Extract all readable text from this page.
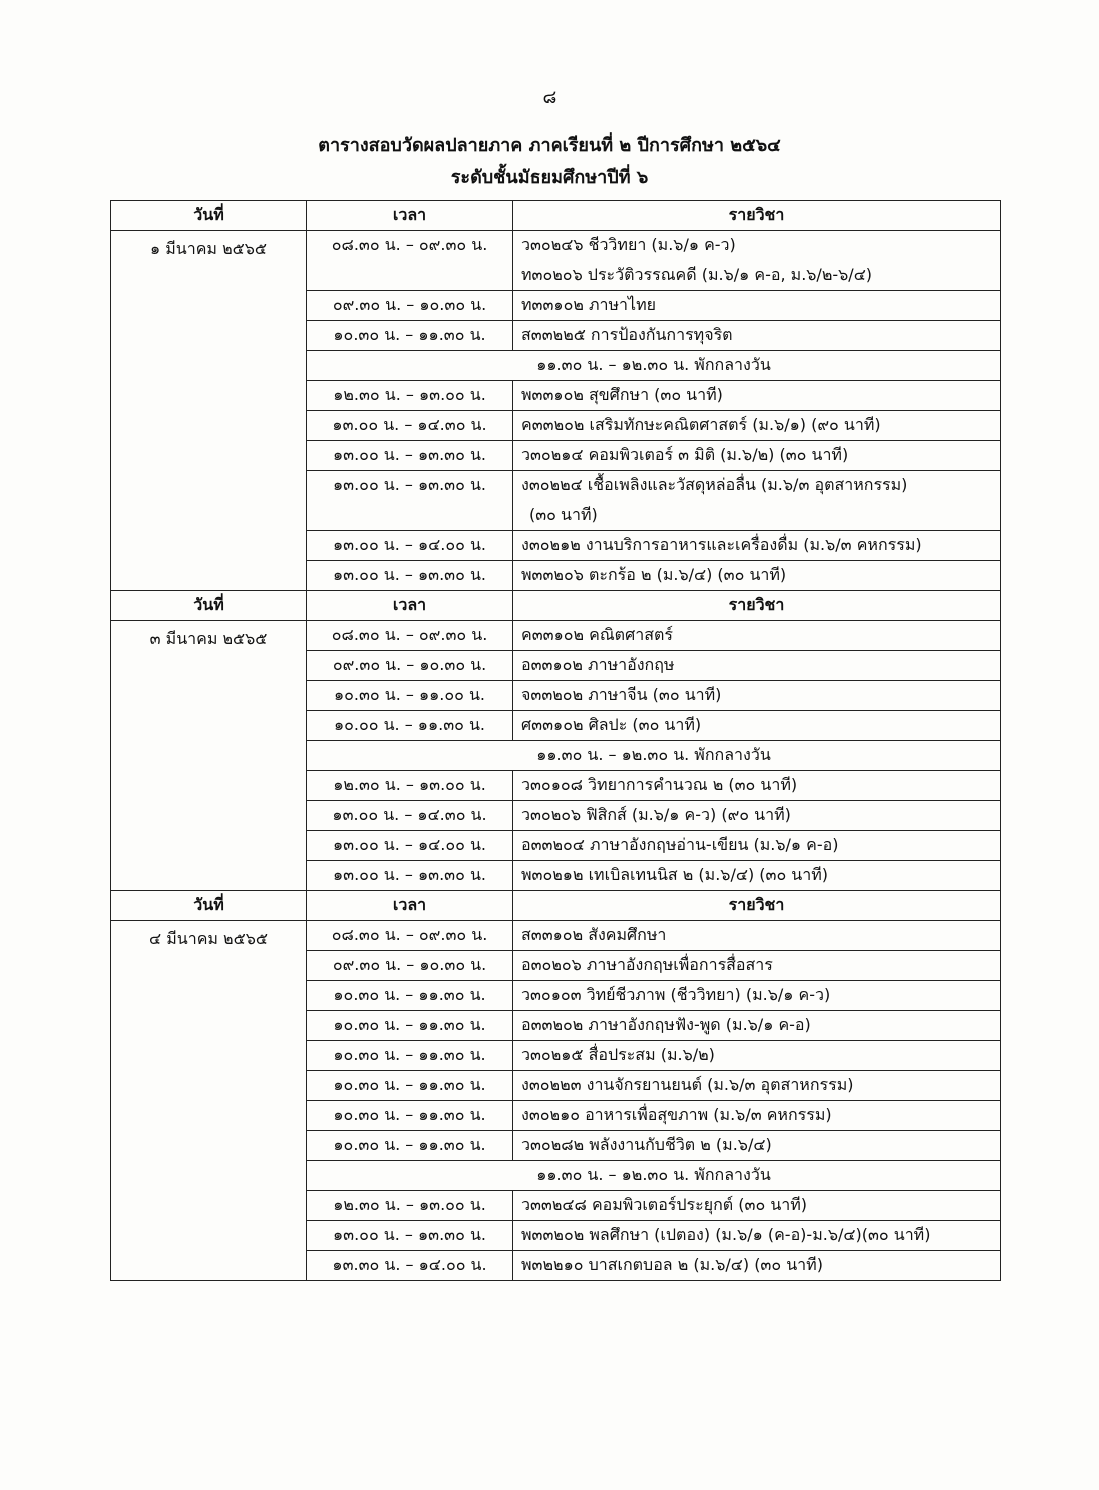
๘
ตารางสอบวัดผลปลายภาค ภาคเรียนที่ ๒ ปีการศึกษา ๒๕๖๔
ระดับชั้นมัธยมศึกษาปีที่ ๖
วันที่	เวลา	รายวิชา
๑ มีนาคม ๒๕๖๕	๐๘.๓๐ น. – ๐๙.๓๐ น.	ว๓๐๒๔๖ ชีววิทยา (ม.๖/๑ ค-ว)
		ท๓๐๒๐๖ ประวัติวรรณคดี (ม.๖/๑ ค-อ, ม.๖/๒-๖/๔)
	๐๙.๓๐ น. – ๑๐.๓๐ น.	ท๓๓๑๐๒ ภาษาไทย
	๑๐.๓๐ น. – ๑๑.๓๐ น.	ส๓๓๒๒๕ การป้องกันการทุจริต
	๑๑.๓๐ น. – ๑๒.๓๐ น. พักกลางวัน	
	๑๒.๓๐ น. – ๑๓.๐๐ น.	พ๓๓๑๐๒ สุขศึกษา (๓๐ นาที)
	๑๓.๐๐ น. – ๑๔.๓๐ น.	ค๓๓๒๐๒ เสริมทักษะคณิตศาสตร์ (ม.๖/๑) (๙๐ นาที)
	๑๓.๐๐ น. – ๑๓.๓๐ น.	ว๓๐๒๑๔ คอมพิวเตอร์ ๓ มิติ (ม.๖/๒) (๓๐ นาที)
	๑๓.๐๐ น. – ๑๓.๓๐ น.	ง๓๐๒๒๔ เชื้อเพลิงและวัสดุหล่อลื่น (ม.๖/๓ อุตสาหกรรม)
		(๓๐ นาที)
	๑๓.๐๐ น. – ๑๔.๐๐ น.	ง๓๐๒๑๒ งานบริการอาหารและเครื่องดื่ม (ม.๖/๓ คหกรรม)
	๑๓.๐๐ น. – ๑๓.๓๐ น.	พ๓๓๒๐๖ ตะกร้อ ๒ (ม.๖/๔) (๓๐ นาที)
วันที่	เวลา	รายวิชา
๓ มีนาคม ๒๕๖๕	๐๘.๓๐ น. – ๐๙.๓๐ น.	ค๓๓๑๐๒ คณิตศาสตร์
	๐๙.๓๐ น. – ๑๐.๓๐ น.	อ๓๓๑๐๒ ภาษาอังกฤษ
	๑๐.๓๐ น. – ๑๑.๐๐ น.	จ๓๓๒๐๒ ภาษาจีน (๓๐ นาที)
	๑๐.๐๐ น. – ๑๑.๓๐ น.	ศ๓๓๑๐๒ ศิลปะ (๓๐ นาที)
	๑๑.๓๐ น. – ๑๒.๓๐ น. พักกลางวัน	
	๑๒.๓๐ น. – ๑๓.๐๐ น.	ว๓๐๑๐๘ วิทยาการคำนวณ ๒ (๓๐ นาที)
	๑๓.๐๐ น. – ๑๔.๓๐ น.	ว๓๐๒๐๖ ฟิสิกส์ (ม.๖/๑ ค-ว) (๙๐ นาที)
	๑๓.๐๐ น. – ๑๔.๐๐ น.	อ๓๓๒๐๔ ภาษาอังกฤษอ่าน-เขียน (ม.๖/๑ ค-อ)
	๑๓.๐๐ น. – ๑๓.๓๐ น.	พ๓๐๒๑๒ เทเบิลเทนนิส ๒ (ม.๖/๔) (๓๐ นาที)
วันที่	เวลา	รายวิชา
๔ มีนาคม ๒๕๖๕	๐๘.๓๐ น. – ๐๙.๓๐ น.	ส๓๓๑๐๒ สังคมศึกษา
	๐๙.๓๐ น. – ๑๐.๓๐ น.	อ๓๐๒๐๖ ภาษาอังกฤษเพื่อการสื่อสาร
	๑๐.๓๐ น. – ๑๑.๓๐ น.	ว๓๐๑๐๓ วิทย์ชีวภาพ (ชีววิทยา) (ม.๖/๑ ค-ว)
	๑๐.๓๐ น. – ๑๑.๓๐ น.	อ๓๓๒๐๒ ภาษาอังกฤษฟัง-พูด (ม.๖/๑ ค-อ)
	๑๐.๓๐ น. – ๑๑.๓๐ น.	ว๓๐๒๑๕ สื่อประสม (ม.๖/๒)
	๑๐.๓๐ น. – ๑๑.๓๐ น.	ง๓๐๒๒๓ งานจักรยานยนต์ (ม.๖/๓ อุตสาหกรรม)
	๑๐.๓๐ น. – ๑๑.๓๐ น.	ง๓๐๒๑๐ อาหารเพื่อสุขภาพ (ม.๖/๓ คหกรรม)
	๑๐.๓๐ น. – ๑๑.๓๐ น.	ว๓๐๒๘๒ พลังงานกับชีวิต ๒ (ม.๖/๔)
	๑๑.๓๐ น. – ๑๒.๓๐ น. พักกลางวัน	
	๑๒.๓๐ น. – ๑๓.๐๐ น.	ว๓๓๒๔๘ คอมพิวเตอร์ประยุกต์ (๓๐ นาที)
	๑๓.๐๐ น. – ๑๓.๓๐ น.	พ๓๓๒๐๒ พลศึกษา (เปตอง) (ม.๖/๑ (ค-อ)-ม.๖/๔)(๓๐ นาที)
	๑๓.๓๐ น. – ๑๔.๐๐ น.	พ๓๒๒๑๐ บาสเกตบอล ๒ (ม.๖/๔) (๓๐ นาที)
